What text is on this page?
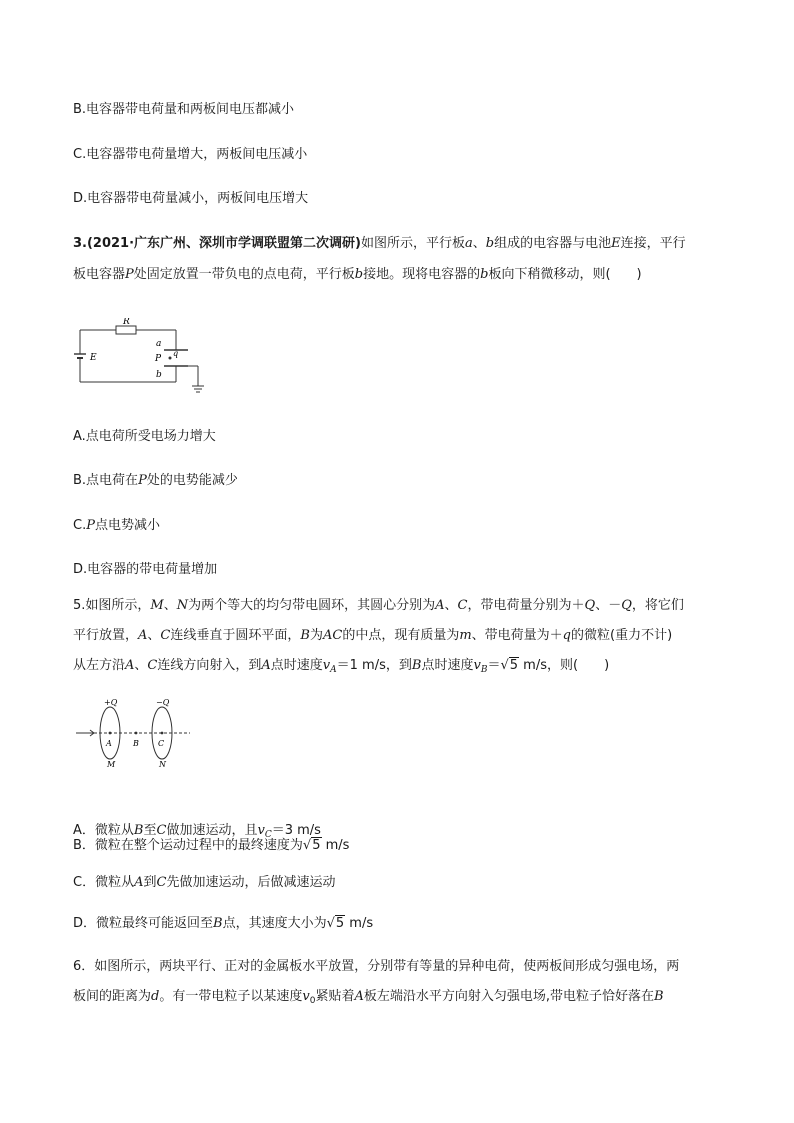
B.电容器带电荷量和两板间电压都减小
C.电容器带电荷量增大，两板间电压减小
D.电容器带电荷量减小，两板间电压增大
3.(2021·广东广州、深圳市学调联盟第二次调研)如图所示，平行板a、b组成的电容器与电池E连接，平行
板电容器P处固定放置一带负电的点电荷，平行板b接地。现将电容器的b板向下稍微移动，则(　　)
R
E
a
P
q
b
A.点电荷所受电场力增大
B.点电荷在P处的电势能减少
C.P点电势减小
D.电容器的带电荷量增加
5.如图所示，M、N为两个等大的均匀带电圆环，其圆心分别为A、C，带电荷量分别为＋Q、－Q，将它们
平行放置，A、C连线垂直于圆环平面，B为AC的中点，现有质量为m、带电荷量为＋q的微粒(重力不计)
从左方沿A、C连线方向射入，到A点时速度$v_A=1$ m/s，到B点时速度$v_B=√5$ m/s，则(　　)
+Q	−Q
A	B C
M	N
A．微粒从B至C做加速运动，且$v_C=3$ m/s
B．微粒在整个运动过程中的最终速度为√5 m/s
C．微粒从A到C先做加速运动，后做减速运动
D．微粒最终可能返回至B点，其速度大小为√5 m/s
6．如图所示，两块平行、正对的金属板水平放置，分别带有等量的异种电荷，使两板间形成匀强电场，两
板间的距离为d。有一带电粒子以某速度$v_0$紧贴着A板左端沿水平方向射入匀强电场,带电粒子恰好落在B
